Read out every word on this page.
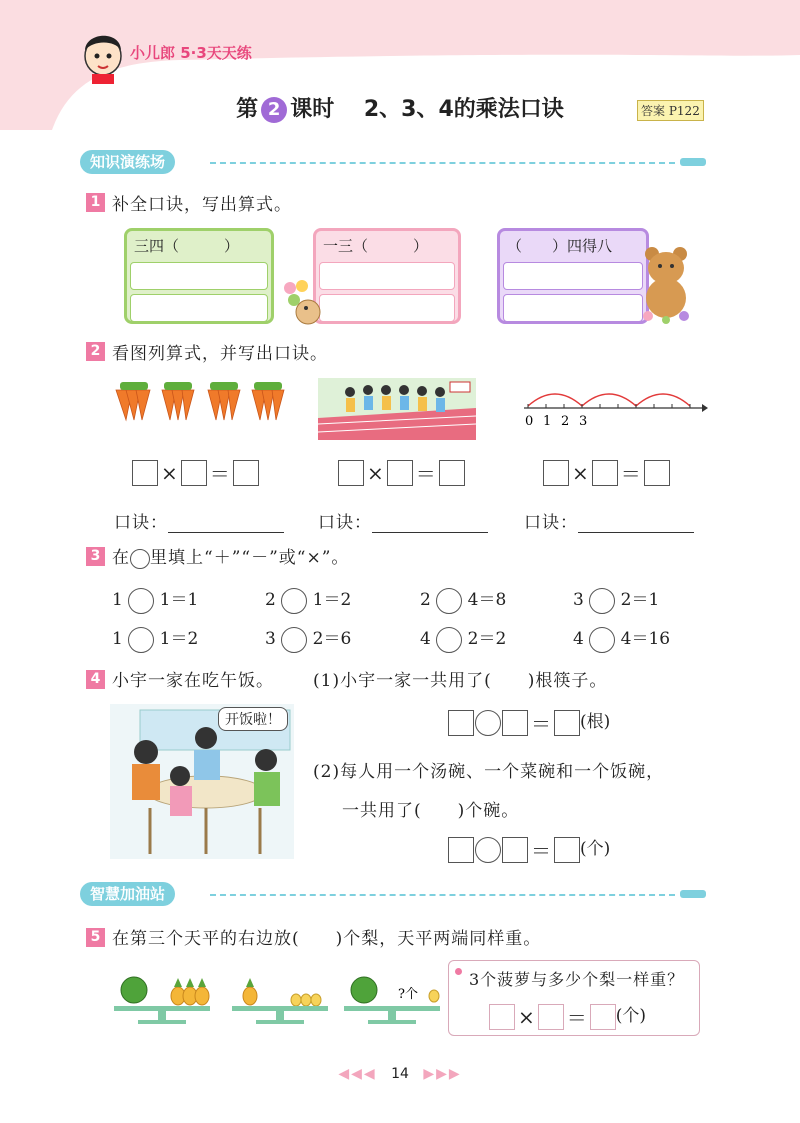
小儿郎 5·3天天练
第 2 课时 2、3、4的乘法口诀	答案 P122
知识演练场
1 补全口诀，写出算式。
三四（　　　）	一三（　　　）	（　　）四得八
2 看图列算式，并写出口诀。
0 1 2 3
× ＝	× ＝	× ＝
口诀：	口诀：	口诀：
3 在 里填上“＋”“－”或“×”。
1 1＝1	2 1＝2	2 4＝8	3 2＝1
1 1＝2	3 2＝6	4 2＝2	4 4＝16
4 小宇一家在吃午饭。 (1)小宇一家一共用了(　　)根筷子。
开饭啦！	＝ (根)
(2)每人用一个汤碗、一个菜碗和一个饭碗，
一共用了(　　)个碗。
＝ (个)
智慧加油站
5 在第三个天平的右边放(　　)个梨，天平两端同样重。
?个
3个菠萝与多少个梨一样重？
× ＝ (个)
◀◀◀ 14 ▶▶▶
